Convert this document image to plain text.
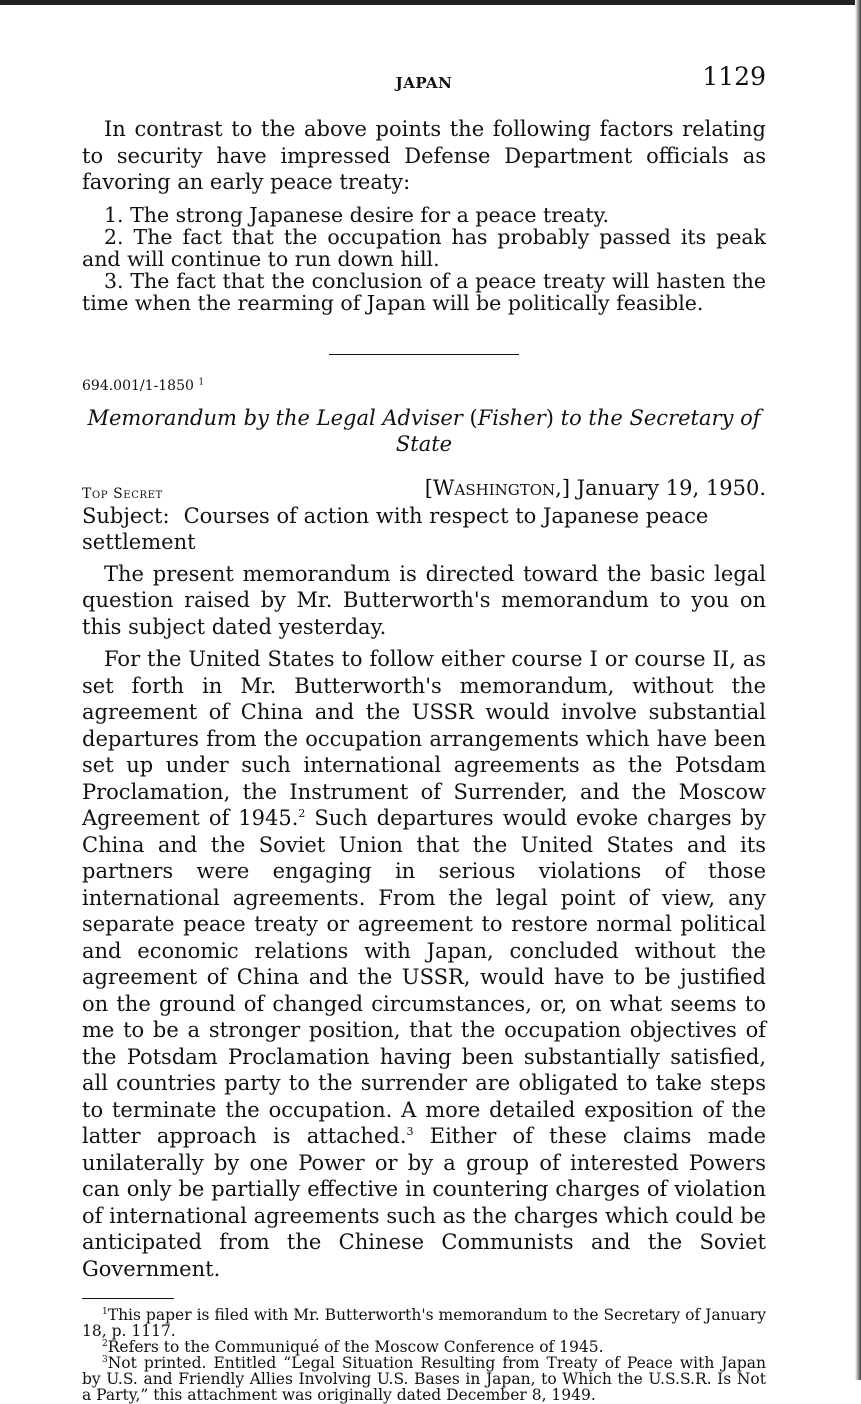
JAPAN	1129

In contrast to the above points the following factors relating to security have impressed Defense Department officials as favoring an early peace treaty:

1. The strong Japanese desire for a peace treaty.
2. The fact that the occupation has probably passed its peak and will continue to run down hill.
3. The fact that the conclusion of a peace treaty will hasten the time when the rearming of Japan will be politically feasible.
694.001/1-1850 $^1$
Memorandum by the Legal Adviser (Fisher) to the Secretary of State
Top Secret	[Washington,] January 19, 1950.
Subject: Courses of action with respect to Japanese peace settlement

The present memorandum is directed toward the basic legal question raised by Mr. Butterworth's memorandum to you on this subject dated yesterday.

For the United States to follow either course I or course II, as set forth in Mr. Butterworth's memorandum, without the agreement of China and the USSR would involve substantial departures from the occupation arrangements which have been set up under such international agreements as the Potsdam Proclamation, the Instrument of Surrender, and the Moscow Agreement of 1945.$^2$ Such departures would evoke charges by China and the Soviet Union that the United States and its partners were engaging in serious violations of those international agreements. From the legal point of view, any separate peace treaty or agreement to restore normal political and economic relations with Japan, concluded without the agreement of China and the USSR, would have to be justified on the ground of changed circumstances, or, on what seems to me to be a stronger position, that the occupation objectives of the Potsdam Proclamation having been substantially satisfied, all countries party to the surrender are obligated to take steps to terminate the occupation. A more detailed exposition of the latter approach is attached.$^3$ Either of these claims made unilaterally by one Power or by a group of interested Powers can only be partially effective in countering charges of violation of international agreements such as the charges which could be anticipated from the Chinese Communists and the Soviet Government.

$^1$This paper is filed with Mr. Butterworth's memorandum to the Secretary of January 18, p. 1117.

$^2$Refers to the Communiqué of the Moscow Conference of 1945.

$^3$Not printed. Entitled “Legal Situation Resulting from Treaty of Peace with Japan by U.S. and Friendly Allies Involving U.S. Bases in Japan, to Which the U.S.S.R. Is Not a Party,” this attachment was originally dated December 8, 1949.
